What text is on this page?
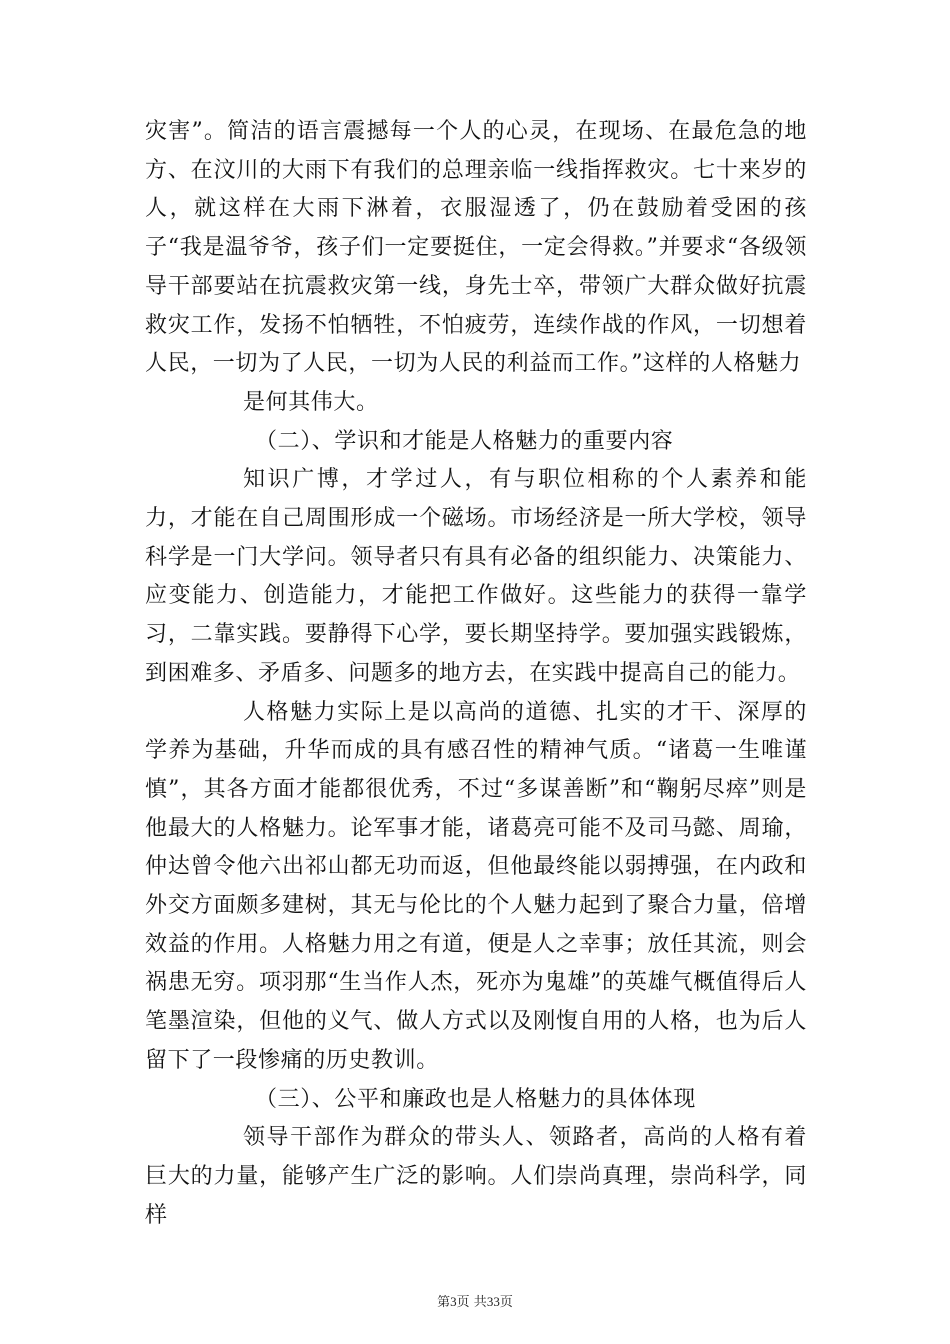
灾害”。简洁的语言震撼每一个人的心灵，在现场、在最危急的地方、在汶川的大雨下有我们的总理亲临一线指挥救灾。七十来岁的人，就这样在大雨下淋着，衣服湿透了，仍在鼓励着受困的孩子“我是温爷爷，孩子们一定要挺住，一定会得救。”并要求“各级领导干部要站在抗震救灾第一线，身先士卒，带领广大群众做好抗震救灾工作，发扬不怕牺牲，不怕疲劳，连续作战的作风，一切想着人民，一切为了人民，一切为人民的利益而工作。”这样的人格魅力

是何其伟大。

（二）、学识和才能是人格魅力的重要内容

知识广博，才学过人，有与职位相称的个人素养和能力，才能在自己周围形成一个磁场。市场经济是一所大学校，领导科学是一门大学问。领导者只有具有必备的组织能力、决策能力、应变能力、创造能力，才能把工作做好。这些能力的获得一靠学习，二靠实践。要静得下心学，要长期坚持学。要加强实践锻炼，到困难多、矛盾多、问题多的地方去，在实践中提高自己的能力。

人格魅力实际上是以高尚的道德、扎实的才干、深厚的学养为基础，升华而成的具有感召性的精神气质。“诸葛一生唯谨慎”，其各方面才能都很优秀，不过“多谋善断”和“鞠躬尽瘁”则是他最大的人格魅力。论军事才能，诸葛亮可能不及司马懿、周瑜，仲达曾令他六出祁山都无功而返，但他最终能以弱搏强，在内政和外交方面颇多建树，其无与伦比的个人魅力起到了聚合力量，倍增效益的作用。人格魅力用之有道，便是人之幸事；放任其流，则会祸患无穷。项羽那“生当作人杰，死亦为鬼雄”的英雄气概值得后人笔墨渲染，但他的义气、做人方式以及刚愎自用的人格，也为后人留下了一段惨痛的历史教训。

（三）、公平和廉政也是人格魅力的具体体现

领导干部作为群众的带头人、领路者，高尚的人格有着巨大的力量，能够产生广泛的影响。人们崇尚真理，崇尚科学，同样

第3页 共33页
